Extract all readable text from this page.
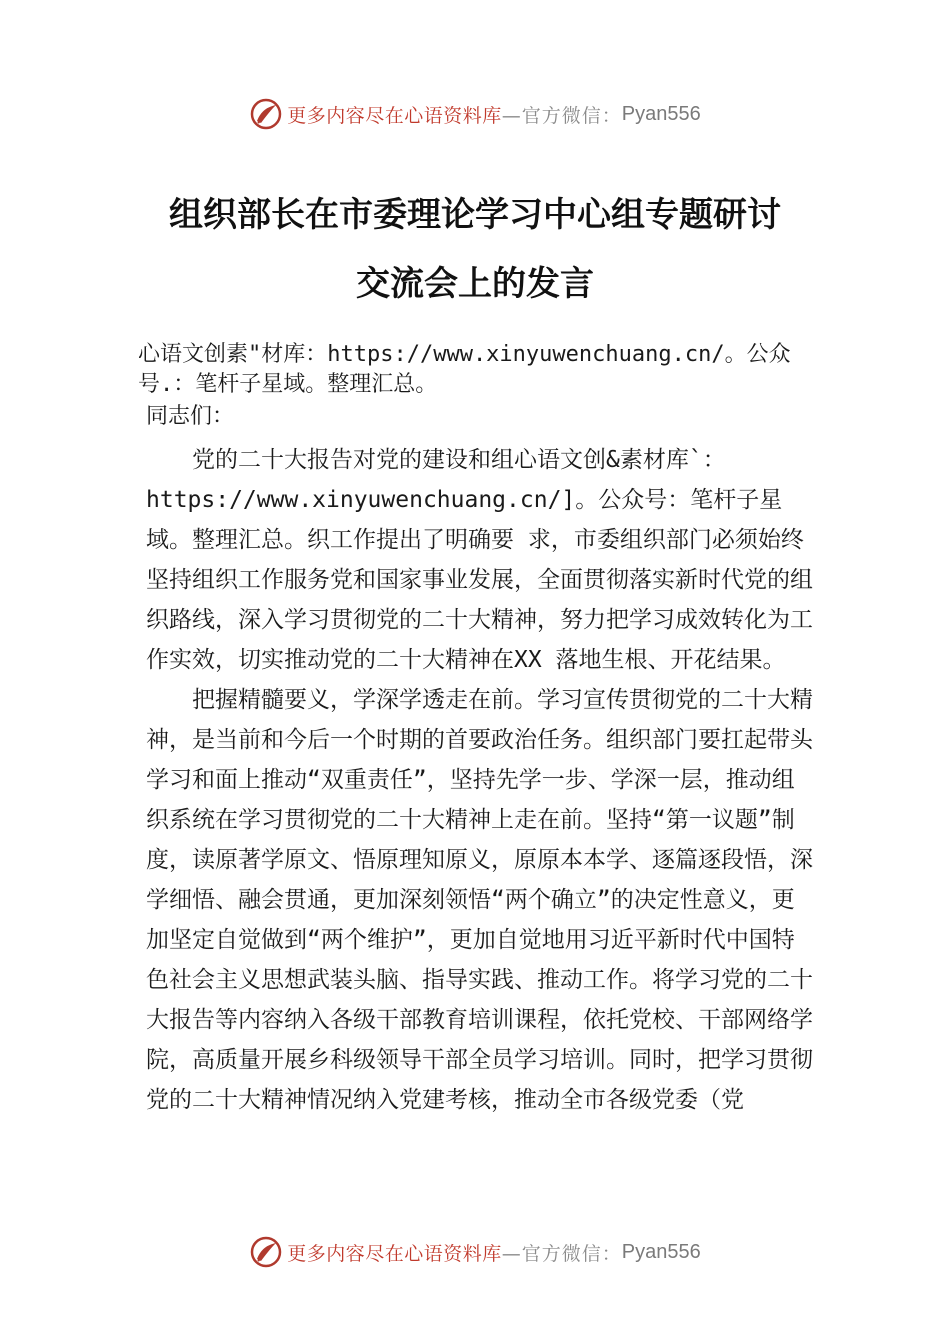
更多内容尽在心语资料库 —官方微信： Pyan556
组织部长在市委理论学习中心组专题研讨
交流会上的发言

心语文创素"材库：https://www.xinyuwenchuang.cn/。公众号.：笔杆子星域。整理汇总。

同志们：

党的二十大报告对党的建设和组心语文创&素材库`：https://www.xinyuwenchuang.cn/]。公众号：笔杆子星域。整理汇总。织工作提出了明确要 求，市委组织部门必须始终坚持组织工作服务党和国家事业发展，全面贯彻落实新时代党的组织路线，深入学习贯彻党的二十大精神，努力把学习成效转化为工作实效，切实推动党的二十大精神在XX 落地生根、开花结果。

把握精髓要义，学深学透走在前。学习宣传贯彻党的二十大精神，是当前和今后一个时期的首要政治任务。组织部门要扛起带头学习和面上推动“双重责任”，坚持先学一步、学深一层，推动组织系统在学习贯彻党的二十大精神上走在前。坚持“第一议题”制度，读原著学原文、悟原理知原义，原原本本学、逐篇逐段悟，深学细悟、融会贯通，更加深刻领悟“两个确立”的决定性意义，更加坚定自觉做到“两个维护”，更加自觉地用习近平新时代中国特色社会主义思想武装头脑、指导实践、推动工作。将学习党的二十大报告等内容纳入各级干部教育培训课程，依托党校、干部网络学院，高质量开展乡科级领导干部全员学习培训。同时，把学习贯彻党的二十大精神情况纳入党建考核，推动全市各级党委（党

更多内容尽在心语资料库 —官方微信： Pyan556
